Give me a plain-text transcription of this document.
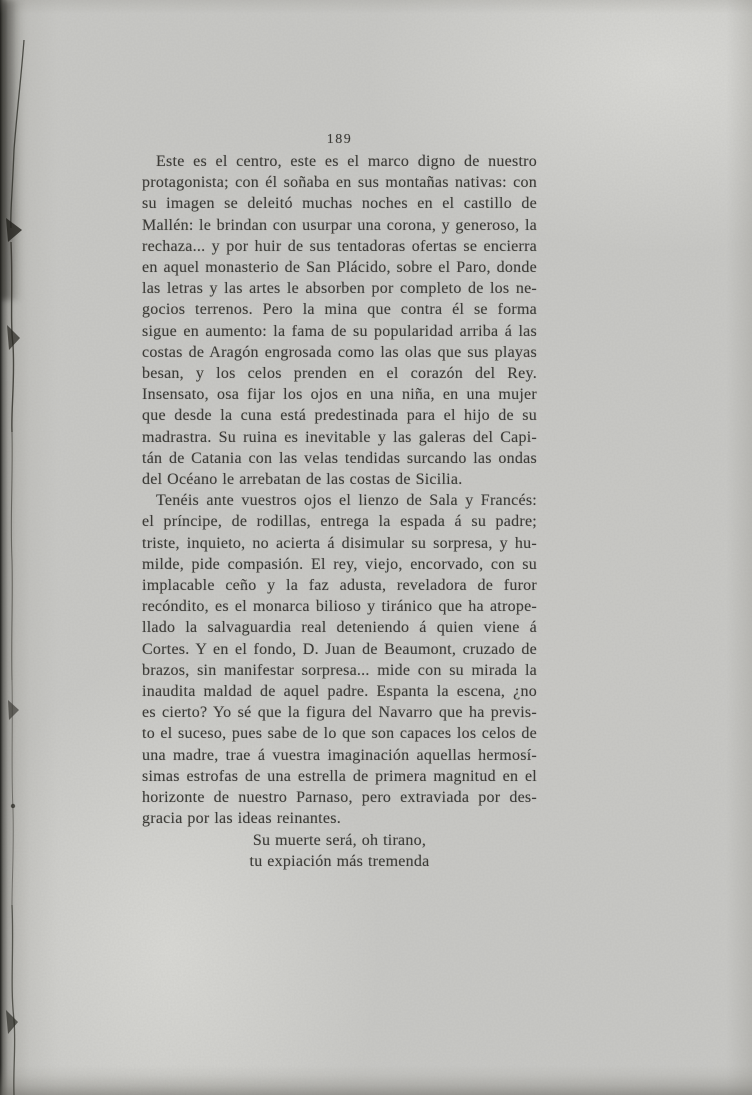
189
Este es el centro, este es el marco digno de nuestro
protagonista; con él soñaba en sus montañas nativas: con
su imagen se deleitó muchas noches en el castillo de
Mallén: le brindan con usurpar una corona, y generoso, la
rechaza... y por huir de sus tentadoras ofertas se encierra
en aquel monasterio de San Plácido, sobre el Paro, donde
las letras y las artes le absorben por completo de los ne-
gocios terrenos. Pero la mina que contra él se forma
sigue en aumento: la fama de su popularidad arriba á las
costas de Aragón engrosada como las olas que sus playas
besan, y los celos prenden en el corazón del Rey.
Insensato, osa fijar los ojos en una niña, en una mujer
que desde la cuna está predestinada para el hijo de su
madrastra. Su ruina es inevitable y las galeras del Capi-
tán de Catania con las velas tendidas surcando las ondas
del Océano le arrebatan de las costas de Sicilia.
Tenéis ante vuestros ojos el lienzo de Sala y Francés:
el príncipe, de rodillas, entrega la espada á su padre;
triste, inquieto, no acierta á disimular su sorpresa, y hu-
milde, pide compasión. El rey, viejo, encorvado, con su
implacable ceño y la faz adusta, reveladora de furor
recóndito, es el monarca bilioso y tiránico que ha atrope-
llado la salvaguardia real deteniendo á quien viene á
Cortes. Y en el fondo, D. Juan de Beaumont, cruzado de
brazos, sin manifestar sorpresa... mide con su mirada la
inaudita maldad de aquel padre. Espanta la escena, ¿no
es cierto? Yo sé que la figura del Navarro que ha previs-
to el suceso, pues sabe de lo que son capaces los celos de
una madre, trae á vuestra imaginación aquellas hermosí-
simas estrofas de una estrella de primera magnitud en el
horizonte de nuestro Parnaso, pero extraviada por des-
gracia por las ideas reinantes.
Su muerte será, oh tirano,
tu expiación más tremenda
